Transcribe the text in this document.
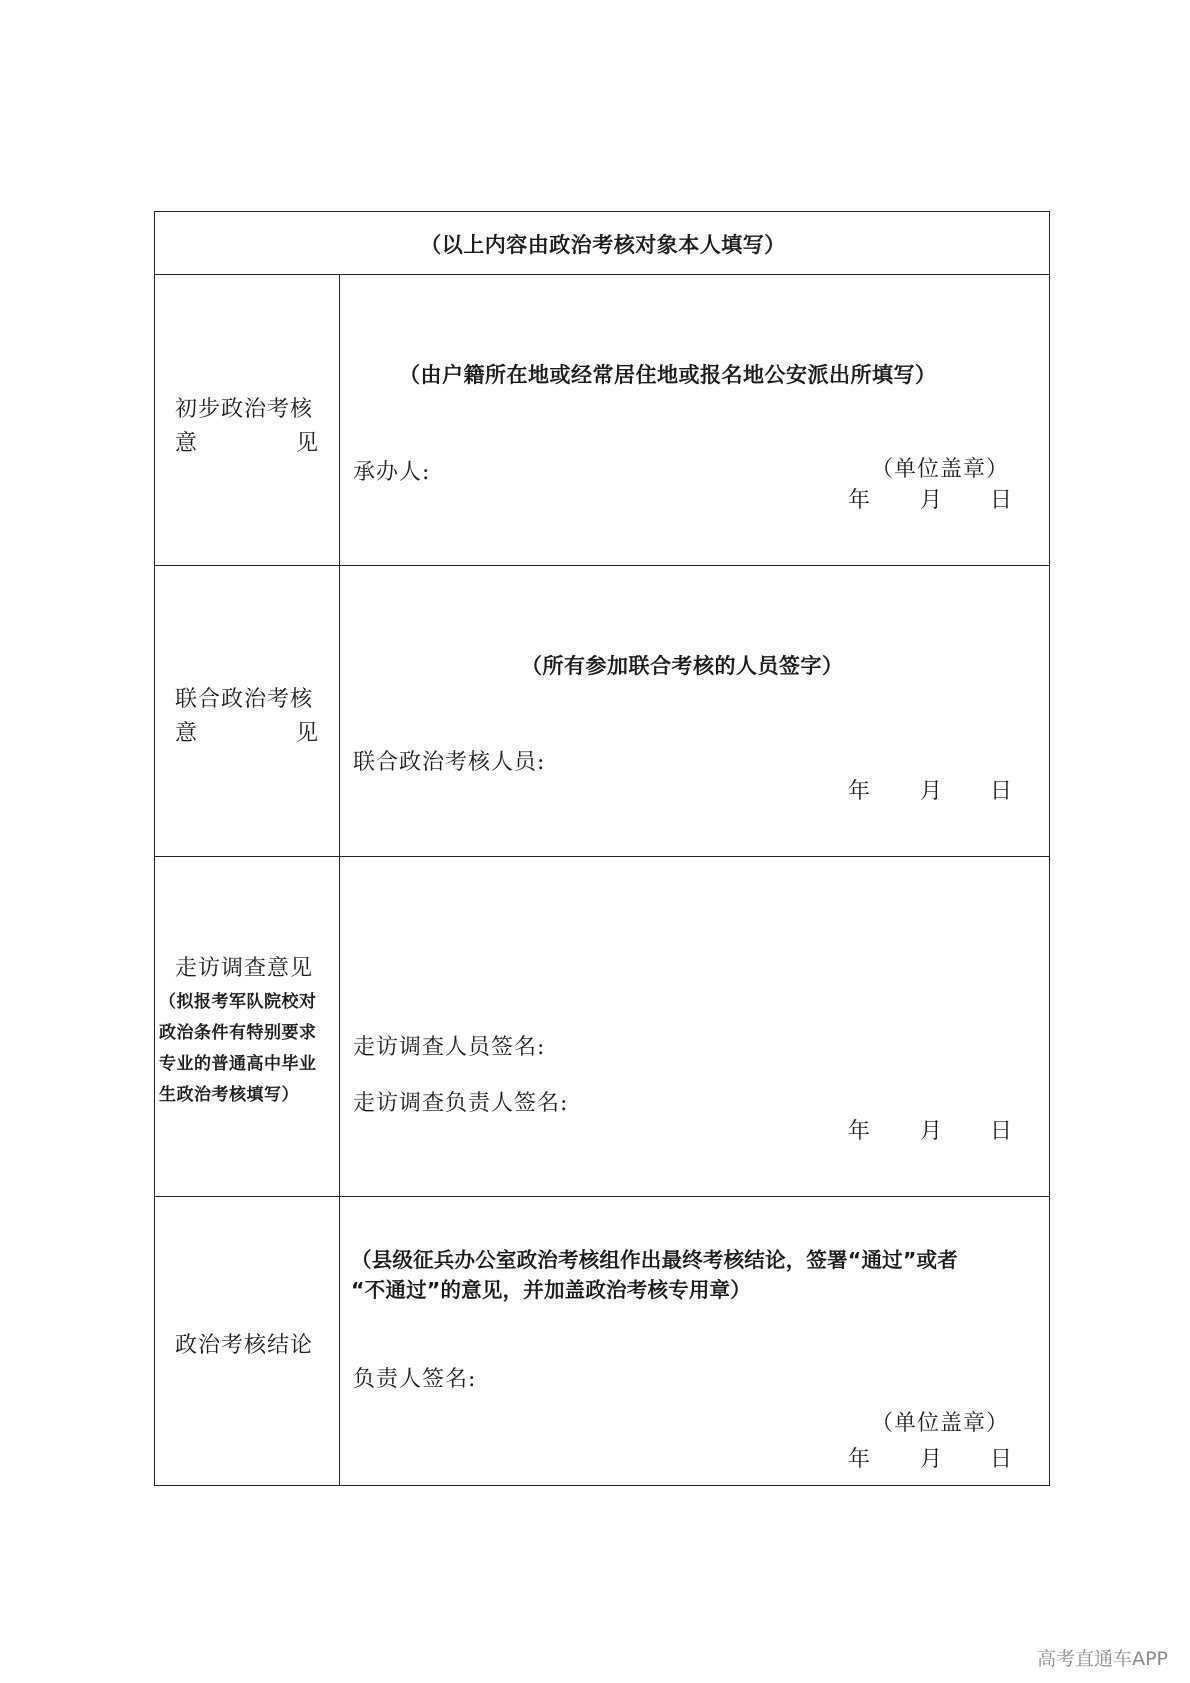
（以上内容由政治考核对象本人填写）
初步政治考核
意	见
（由户籍所在地或经常居住地或报名地公安派出所填写）
承办人:	（单位盖章）
年 月 日
联合政治考核
意	见
（所有参加联合考核的人员签字）
联合政治考核人员:
年 月 日
走访调查意见
（拟报考军队院校对
政治条件有特别要求
专业的普通高中毕业
生政治考核填写）
走访调查人员签名:
走访调查负责人签名:
年 月 日
政治考核结论
（县级征兵办公室政治考核组作出最终考核结论，签署“通过”或者
“不通过”的意见，并加盖政治考核专用章）
负责人签名:
（单位盖章）
年 月 日
高考直通车APP
